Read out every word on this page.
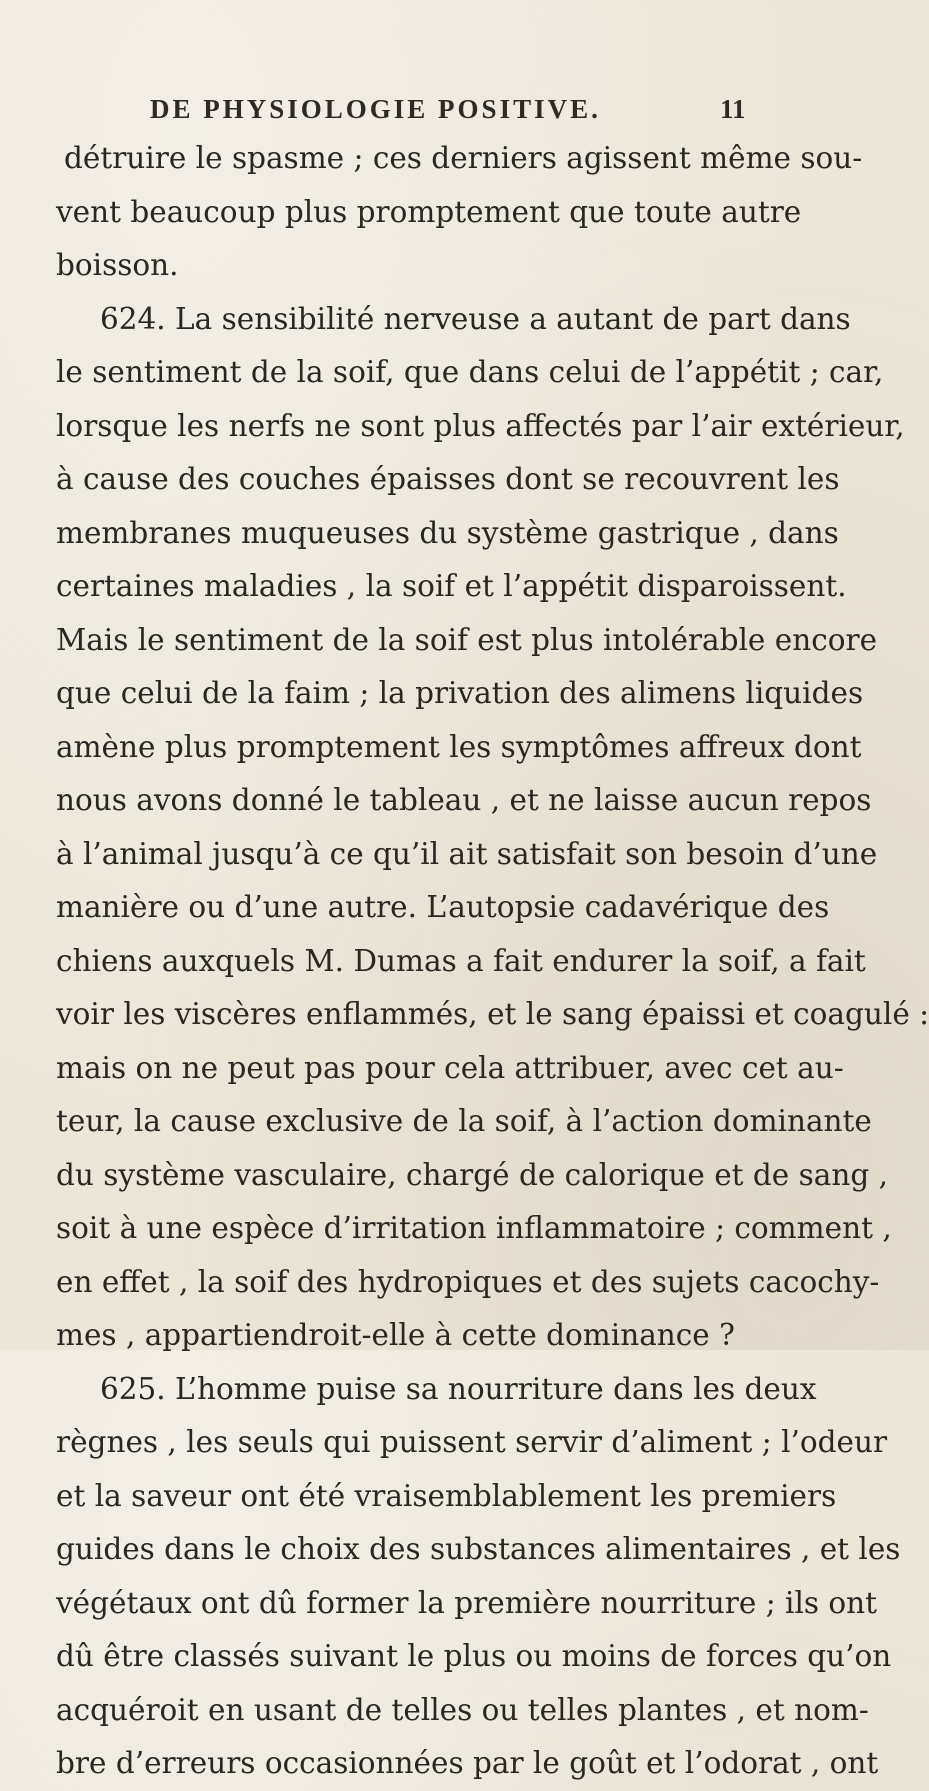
DE PHYSIOLOGIE POSITIVE.	11
détruire le spasme ; ces derniers agissent même sou-
vent beaucoup plus promptement que toute autre
boisson.
624. La sensibilité nerveuse a autant de part dans
le sentiment de la soif, que dans celui de l’appétit ; car,
lorsque les nerfs ne sont plus affectés par l’air extérieur,
à cause des couches épaisses dont se recouvrent les
membranes muqueuses du système gastrique , dans
certaines maladies , la soif et l’appétit disparoissent.
Mais le sentiment de la soif est plus intolérable encore
que celui de la faim ; la privation des alimens liquides
amène plus promptement les symptômes affreux dont
nous avons donné le tableau , et ne laisse aucun repos
à l’animal jusqu’à ce qu’il ait satisfait son besoin d’une
manière ou d’une autre. L’autopsie cadavérique des
chiens auxquels M. Dumas a fait endurer la soif, a fait
voir les viscères enflammés, et le sang épaissi et coagulé :
mais on ne peut pas pour cela attribuer, avec cet au-
teur, la cause exclusive de la soif, à l’action dominante
du système vasculaire, chargé de calorique et de sang ,
soit à une espèce d’irritation inflammatoire ; comment ,
en effet , la soif des hydropiques et des sujets cacochy-
mes , appartiendroit-elle à cette dominance ?
625. L’homme puise sa nourriture dans les deux
règnes , les seuls qui puissent servir d’aliment ; l’odeur
et la saveur ont été vraisemblablement les premiers
guides dans le choix des substances alimentaires , et les
végétaux ont dû former la première nourriture ; ils ont
dû être classés suivant le plus ou moins de forces qu’on
acquéroit en usant de telles ou telles plantes , et nom-
bre d’erreurs occasionnées par le goût et l’odorat , ont
